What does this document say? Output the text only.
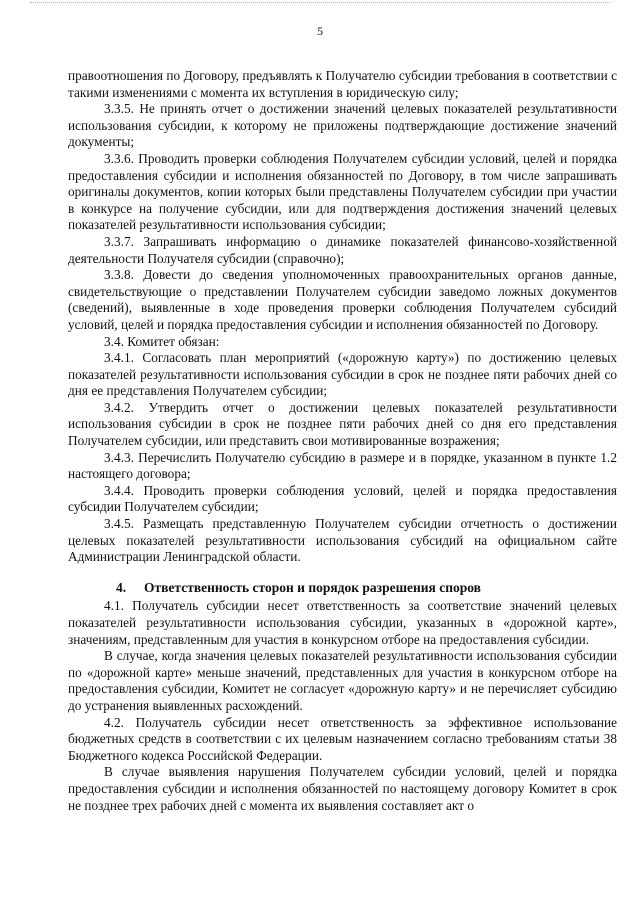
5

правоотношения по Договору, предъявлять к Получателю субсидии требования в соответствии с такими изменениями с момента их вступления в юридическую силу;

3.3.5. Не принять отчет о достижении значений целевых показателей результативности использования субсидии, к которому не приложены подтверждающие достижение значений документы;

3.3.6. Проводить проверки соблюдения Получателем субсидии условий, целей и порядка предоставления субсидии и исполнения обязанностей по Договору, в том числе запрашивать оригиналы документов, копии которых были представлены Получателем субсидии при участии в конкурсе на получение субсидии, или для подтверждения достижения значений целевых показателей результативности использования субсидии;

3.3.7. Запрашивать информацию о динамике показателей финансово-хозяйственной деятельности Получателя субсидии (справочно);

3.3.8. Довести до сведения уполномоченных правоохранительных органов данные, свидетельствующие о представлении Получателем субсидии заведомо ложных документов (сведений), выявленные в ходе проведения проверки соблюдения Получателем субсидий условий, целей и порядка предоставления субсидии и исполнения обязанностей по Договору.

3.4. Комитет обязан:

3.4.1. Согласовать план мероприятий («дорожную карту») по достижению целевых показателей результативности использования субсидии в срок не позднее пяти рабочих дней со дня ее представления Получателем субсидии;

3.4.2. Утвердить отчет о достижении целевых показателей результативности использования субсидии в срок не позднее пяти рабочих дней со дня его представления Получателем субсидии, или представить свои мотивированные возражения;

3.4.3. Перечислить Получателю субсидию в размере и в порядке, указанном в пункте 1.2 настоящего договора;

3.4.4. Проводить проверки соблюдения условий, целей и порядка предоставления субсидии Получателем субсидии;

3.4.5. Размещать представленную Получателем субсидии отчетность о достижении целевых показателей результативности использования субсидий на официальном сайте Администрации Ленинградской области.

4. Ответственность сторон и порядок разрешения споров

4.1. Получатель субсидии несет ответственность за соответствие значений целевых показателей результативности использования субсидии, указанных в «дорожной карте», значениям, представленным для участия в конкурсном отборе на предоставления субсидии.

В случае, когда значения целевых показателей результативности использования субсидии по «дорожной карте» меньше значений, представленных для участия в конкурсном отборе на предоставления субсидии, Комитет не согласует «дорожную карту» и не перечисляет субсидию до устранения выявленных расхождений.

4.2. Получатель субсидии несет ответственность за эффективное использование бюджетных средств в соответствии с их целевым назначением согласно требованиям статьи 38 Бюджетного кодекса Российской Федерации.

В случае выявления нарушения Получателем субсидии условий, целей и порядка предоставления субсидии и исполнения обязанностей по настоящему договору Комитет в срок не позднее трех рабочих дней с момента их выявления составляет акт о
